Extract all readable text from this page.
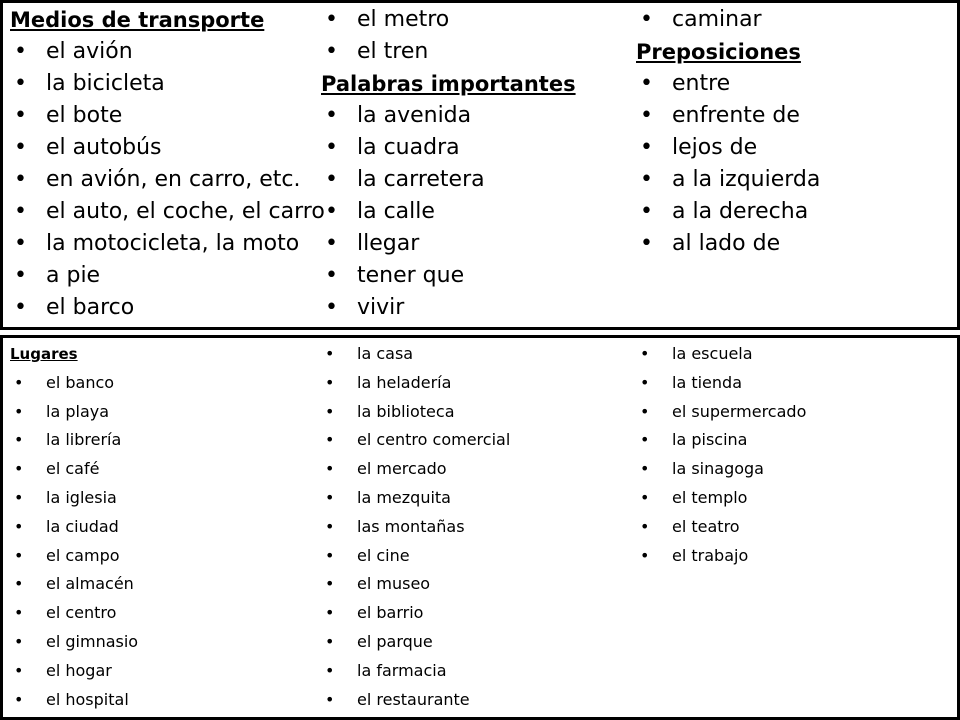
Medios de transporte
• el avión
• la bicicleta
• el bote
• el autobús
• en avión, en carro, etc.
• el auto, el coche, el carro
• la motocicleta, la moto
• a pie
• el barco
• el metro
• el tren
Palabras importantes
• la avenida
• la cuadra
• la carretera
• la calle
• llegar
• tener que
• vivir
• caminar
Preposiciones
• entre
• enfrente de
• lejos de
• a la izquierda
• a la derecha
• al lado de
Lugares
• el banco
• la playa
• la librería
• el café
• la iglesia
• la ciudad
• el campo
• el almacén
• el centro
• el gimnasio
• el hogar
• el hospital
• la casa
• la heladería
• la biblioteca
• el centro comercial
• el mercado
• la mezquita
• las montañas
• el cine
• el museo
• el barrio
• el parque
• la farmacia
• el restaurante
• la escuela
• la tienda
• el supermercado
• la piscina
• la sinagoga
• el templo
• el teatro
• el trabajo
